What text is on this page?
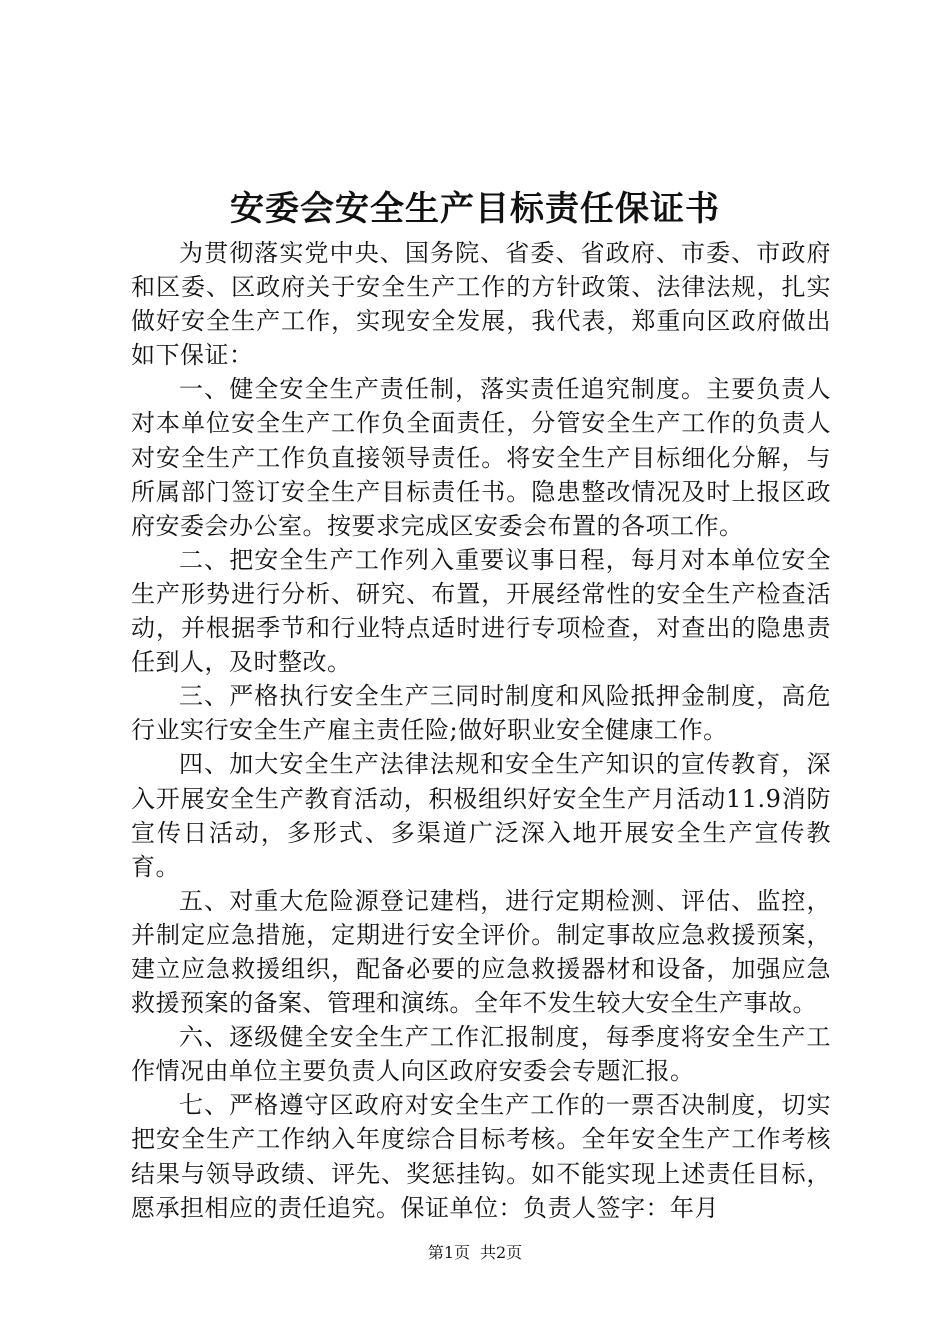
安委会安全生产目标责任保证书

为贯彻落实党中央、国务院、省委、省政府、市委、市政府和区委、区政府关于安全生产工作的方针政策、法律法规，扎实做好安全生产工作，实现安全发展，我代表，郑重向区政府做出如下保证：

一、健全安全生产责任制，落实责任追究制度。主要负责人对本单位安全生产工作负全面责任，分管安全生产工作的负责人对安全生产工作负直接领导责任。将安全生产目标细化分解，与所属部门签订安全生产目标责任书。隐患整改情况及时上报区政府安委会办公室。按要求完成区安委会布置的各项工作。

二、把安全生产工作列入重要议事日程，每月对本单位安全生产形势进行分析、研究、布置，开展经常性的安全生产检查活动，并根据季节和行业特点适时进行专项检查，对查出的隐患责任到人，及时整改。

三、严格执行安全生产三同时制度和风险抵押金制度，高危行业实行安全生产雇主责任险;做好职业安全健康工作。

四、加大安全生产法律法规和安全生产知识的宣传教育，深入开展安全生产教育活动，积极组织好安全生产月活动11.9消防宣传日活动，多形式、多渠道广泛深入地开展安全生产宣传教育。

五、对重大危险源登记建档，进行定期检测、评估、监控，并制定应急措施，定期进行安全评价。制定事故应急救援预案，建立应急救援组织，配备必要的应急救援器材和设备，加强应急救援预案的备案、管理和演练。全年不发生较大安全生产事故。

六、逐级健全安全生产工作汇报制度，每季度将安全生产工作情况由单位主要负责人向区政府安委会专题汇报。

七、严格遵守区政府对安全生产工作的一票否决制度，切实把安全生产工作纳入年度综合目标考核。全年安全生产工作考核结果与领导政绩、评先、奖惩挂钩。如不能实现上述责任目标，愿承担相应的责任追究。保证单位：负责人签字：年月

第1页 共2页
